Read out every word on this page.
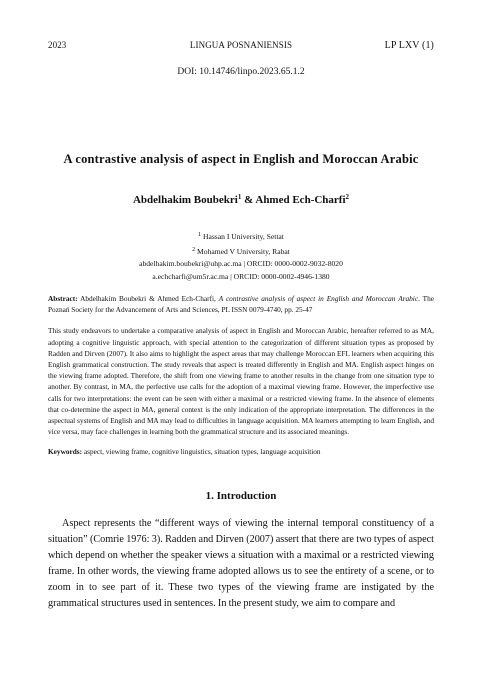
2023	LINGUA POSNANIENSIS	LP LXV (1)
DOI: 10.14746/linpo.2023.65.1.2
A contrastive analysis of aspect in English and Moroccan Arabic
Abdelhakim Boubekri$^1$ & Ahmed Ech-Charfi$^2$
$^1$ Hassan I University, Settat
$^2$ Mohamed V University, Rabat
abdelhakim.boubekri@uhp.ac.ma | ORCID: 0000-0002-9032-8020
a.echcharfi@um5r.ac.ma | ORCID: 0000-0002-4946-1380

Abstract: Abdelhakim Boubekri & Ahmed Ech-Charfi, A contrastive analysis of aspect in English and Moroccan Arabic. The Poznań Society for the Advancement of Arts and Sciences, PL ISSN 0079-4740, pp. 25-47

This study endeavors to undertake a comparative analysis of aspect in English and Moroccan Arabic, hereafter referred to as MA, adopting a cognitive linguistic approach, with special attention to the categorization of different situation types as proposed by Radden and Dirven (2007). It also aims to highlight the aspect areas that may challenge Moroccan EFL learners when acquiring this English grammatical construction. The study reveals that aspect is treated differently in English and MA. English aspect hinges on the viewing frame adopted. Therefore, the shift from one viewing frame to another results in the change from one situation type to another. By contrast, in MA, the perfective use calls for the adoption of a maximal viewing frame. However, the imperfective use calls for two interpretations: the event can be seen with either a maximal or a restricted viewing frame. In the absence of elements that co-determine the aspect in MA, general context is the only indication of the appropriate interpretation. The differences in the aspectual systems of English and MA may lead to difficulties in language acquisition. MA learners attempting to learn English, and vice versa, may face challenges in learning both the grammatical structure and its associated meanings.

Keywords: aspect, viewing frame, cognitive linguistics, situation types, language acquisition

1. Introduction

Aspect represents the “different ways of viewing the internal temporal constituency of a situation” (Comrie 1976: 3). Radden and Dirven (2007) assert that there are two types of aspect which depend on whether the speaker views a situation with a maximal or a restricted viewing frame. In other words, the viewing frame adopted allows us to see the entirety of a scene, or to zoom in to see part of it. These two types of the viewing frame are instigated by the grammatical structures used in sentences. In the present study, we aim to compare and
